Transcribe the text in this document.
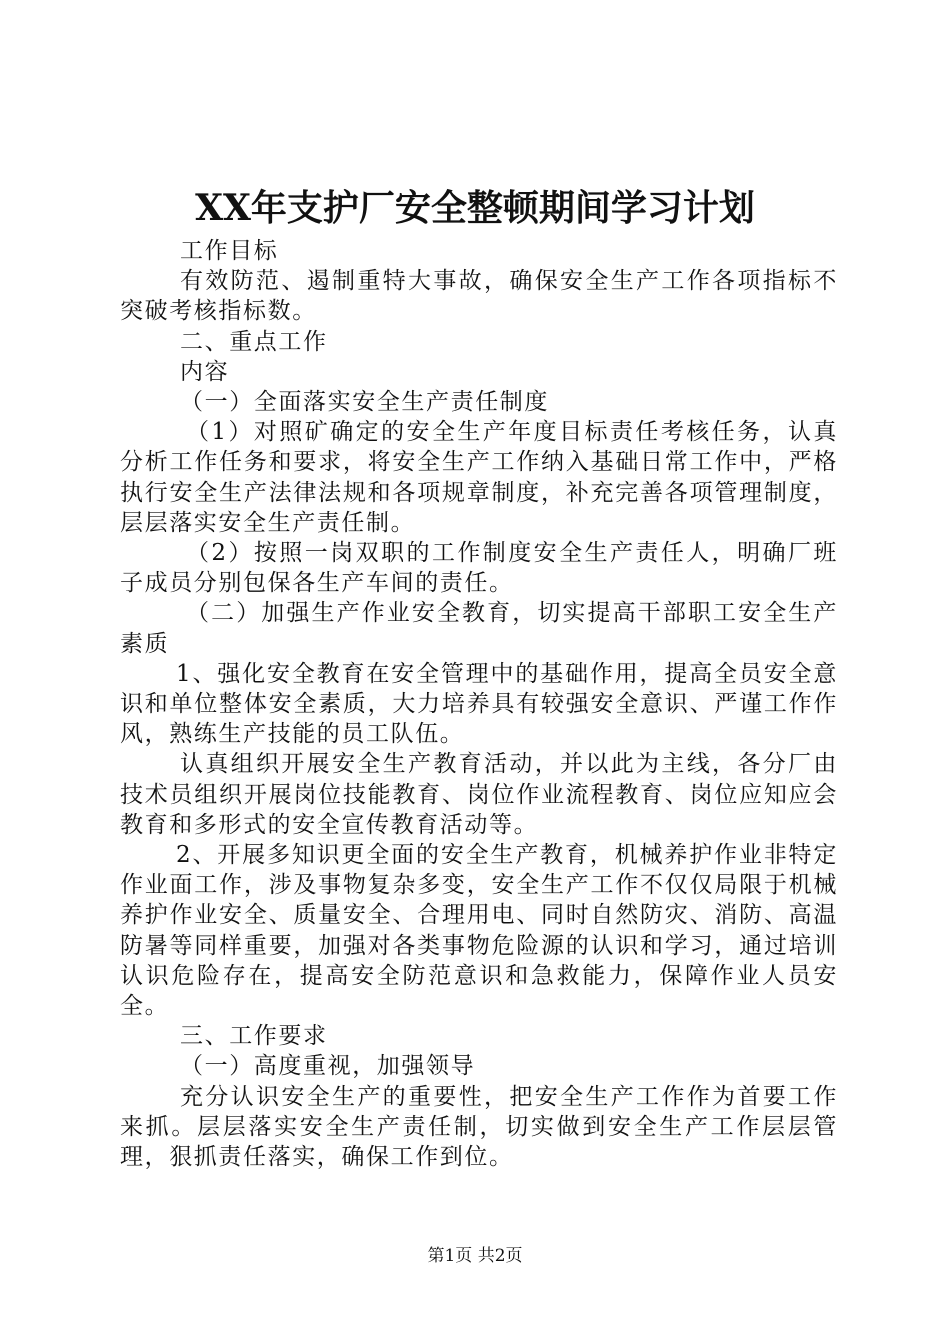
XX年支护厂安全整顿期间学习计划

工作目标

有效防范、遏制重特大事故，确保安全生产工作各项指标不突破考核指标数。

二、重点工作

内容

（一）全面落实安全生产责任制度

（1）对照矿确定的安全生产年度目标责任考核任务，认真分析工作任务和要求，将安全生产工作纳入基础日常工作中，严格执行安全生产法律法规和各项规章制度，补充完善各项管理制度，层层落实安全生产责任制。

（2）按照一岗双职的工作制度安全生产责任人，明确厂班子成员分别包保各生产车间的责任。

（二）加强生产作业安全教育，切实提高干部职工安全生产素质

1、强化安全教育在安全管理中的基础作用，提高全员安全意识和单位整体安全素质，大力培养具有较强安全意识、严谨工作作风，熟练生产技能的员工队伍。

认真组织开展安全生产教育活动，并以此为主线，各分厂由技术员组织开展岗位技能教育、岗位作业流程教育、岗位应知应会教育和多形式的安全宣传教育活动等。

2、开展多知识更全面的安全生产教育，机械养护作业非特定作业面工作，涉及事物复杂多变，安全生产工作不仅仅局限于机械养护作业安全、质量安全、合理用电、同时自然防灾、消防、高温防暑等同样重要，加强对各类事物危险源的认识和学习，通过培训认识危险存在，提高安全防范意识和急救能力，保障作业人员安全。

三、工作要求

（一）高度重视，加强领导

充分认识安全生产的重要性，把安全生产工作作为首要工作来抓。层层落实安全生产责任制，切实做到安全生产工作层层管理，狠抓责任落实，确保工作到位。

第1页 共2页
